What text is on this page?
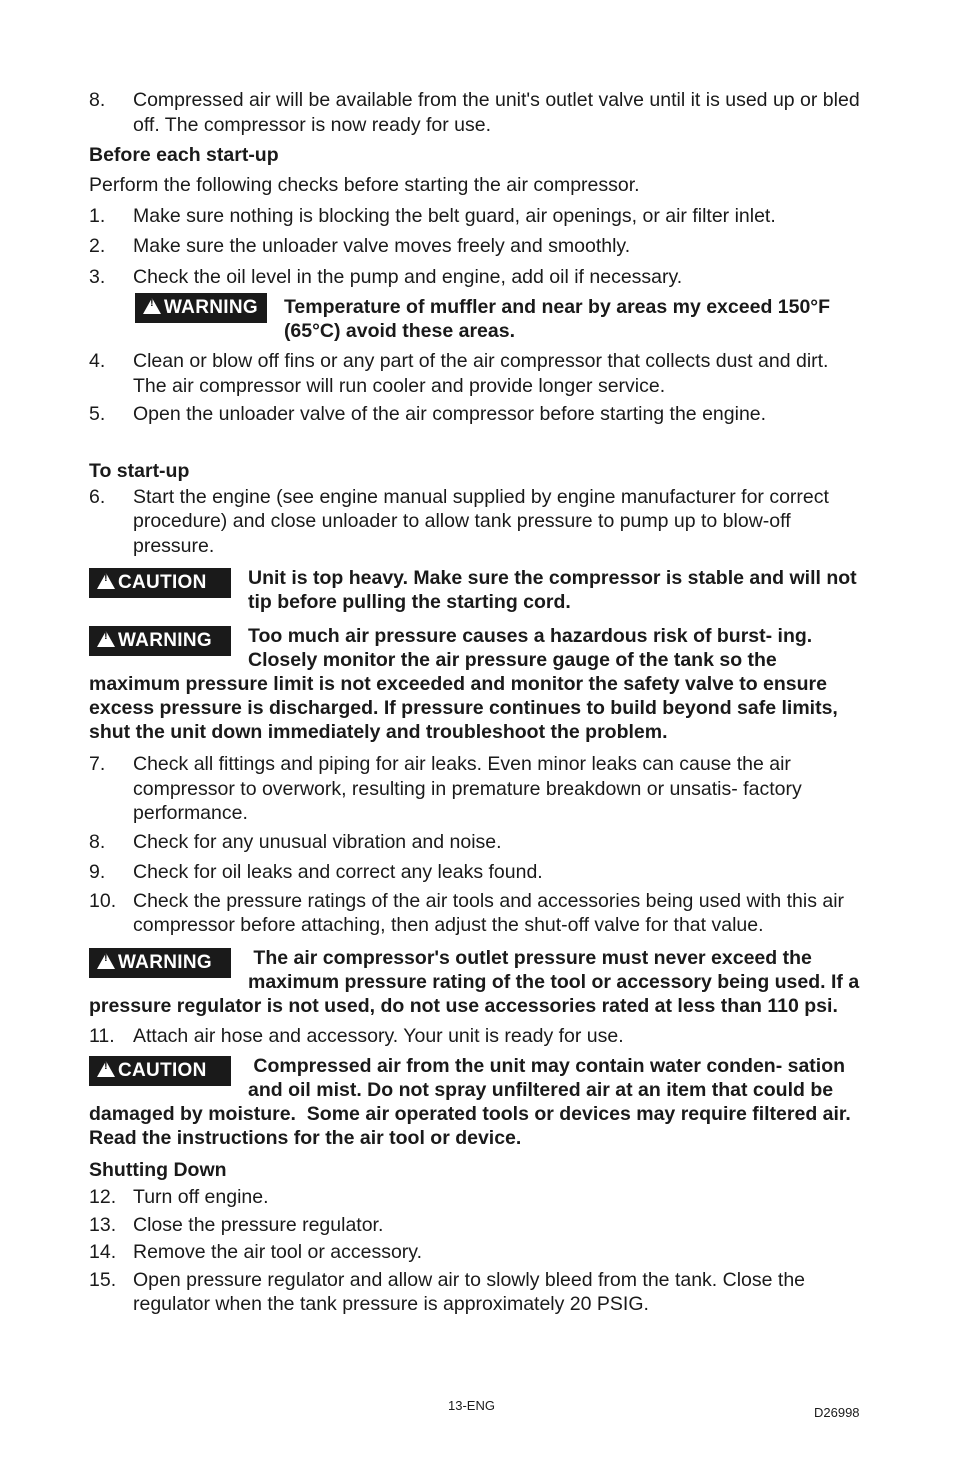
8. Compressed air will be available from the unit's outlet valve until it is used up or bled off. The compressor is now ready for use.
Before each start-up
Perform the following checks before starting the air compressor.
1. Make sure nothing is blocking the belt guard, air openings, or air filter inlet.
2. Make sure the unloader valve moves freely and smoothly.
3. Check the oil level in the pump and engine, add oil if necessary.
! WARNING	Temperature of muffler and near by areas my exceed 150°F (65°C) avoid these areas.
4. Clean or blow off fins or any part of the air compressor that collects dust and dirt. The air compressor will run cooler and provide longer service.
5. Open the unloader valve of the air compressor before starting the engine.
To start-up
6. Start the engine (see engine manual supplied by engine manufacturer for correct procedure) and close unloader to allow tank pressure to pump up to blow-off pressure.
! CAUTION	Unit is top heavy. Make sure the compressor is stable and will not tip before pulling the starting cord.
! WARNING	Too much air pressure causes a hazardous risk of burst- ing. Closely monitor the air pressure gauge of the tank so the maximum pressure limit is not exceeded and monitor the safety valve to ensure excess pressure is discharged. If pressure continues to build beyond safe limits, shut the unit down immediately and troubleshoot the problem.
7. Check all fittings and piping for air leaks. Even minor leaks can cause the air compressor to overwork, resulting in premature breakdown or unsatis- factory performance.
8. Check for any unusual vibration and noise.
9. Check for oil leaks and correct any leaks found.
10. Check the pressure ratings of the air tools and accessories being used with this air compressor before attaching, then adjust the shut-off valve for that value.
! WARNING	The air compressor's outlet pressure must never exceed the maximum pressure rating of the tool or accessory being used. If a pressure regulator is not used, do not use accessories rated at less than 110 psi.
11. Attach air hose and accessory. Your unit is ready for use.
! CAUTION	Compressed air from the unit may contain water conden- sation and oil mist. Do not spray unfiltered air at an item that could be damaged by moisture.  Some air operated tools or devices may require filtered air. Read the instructions for the air tool or device.
Shutting Down
12. Turn off engine.
13. Close the pressure regulator.
14. Remove the air tool or accessory.
15. Open pressure regulator and allow air to slowly bleed from the tank. Close the regulator when the tank pressure is approximately 20 PSIG.
13-ENG	D26998
